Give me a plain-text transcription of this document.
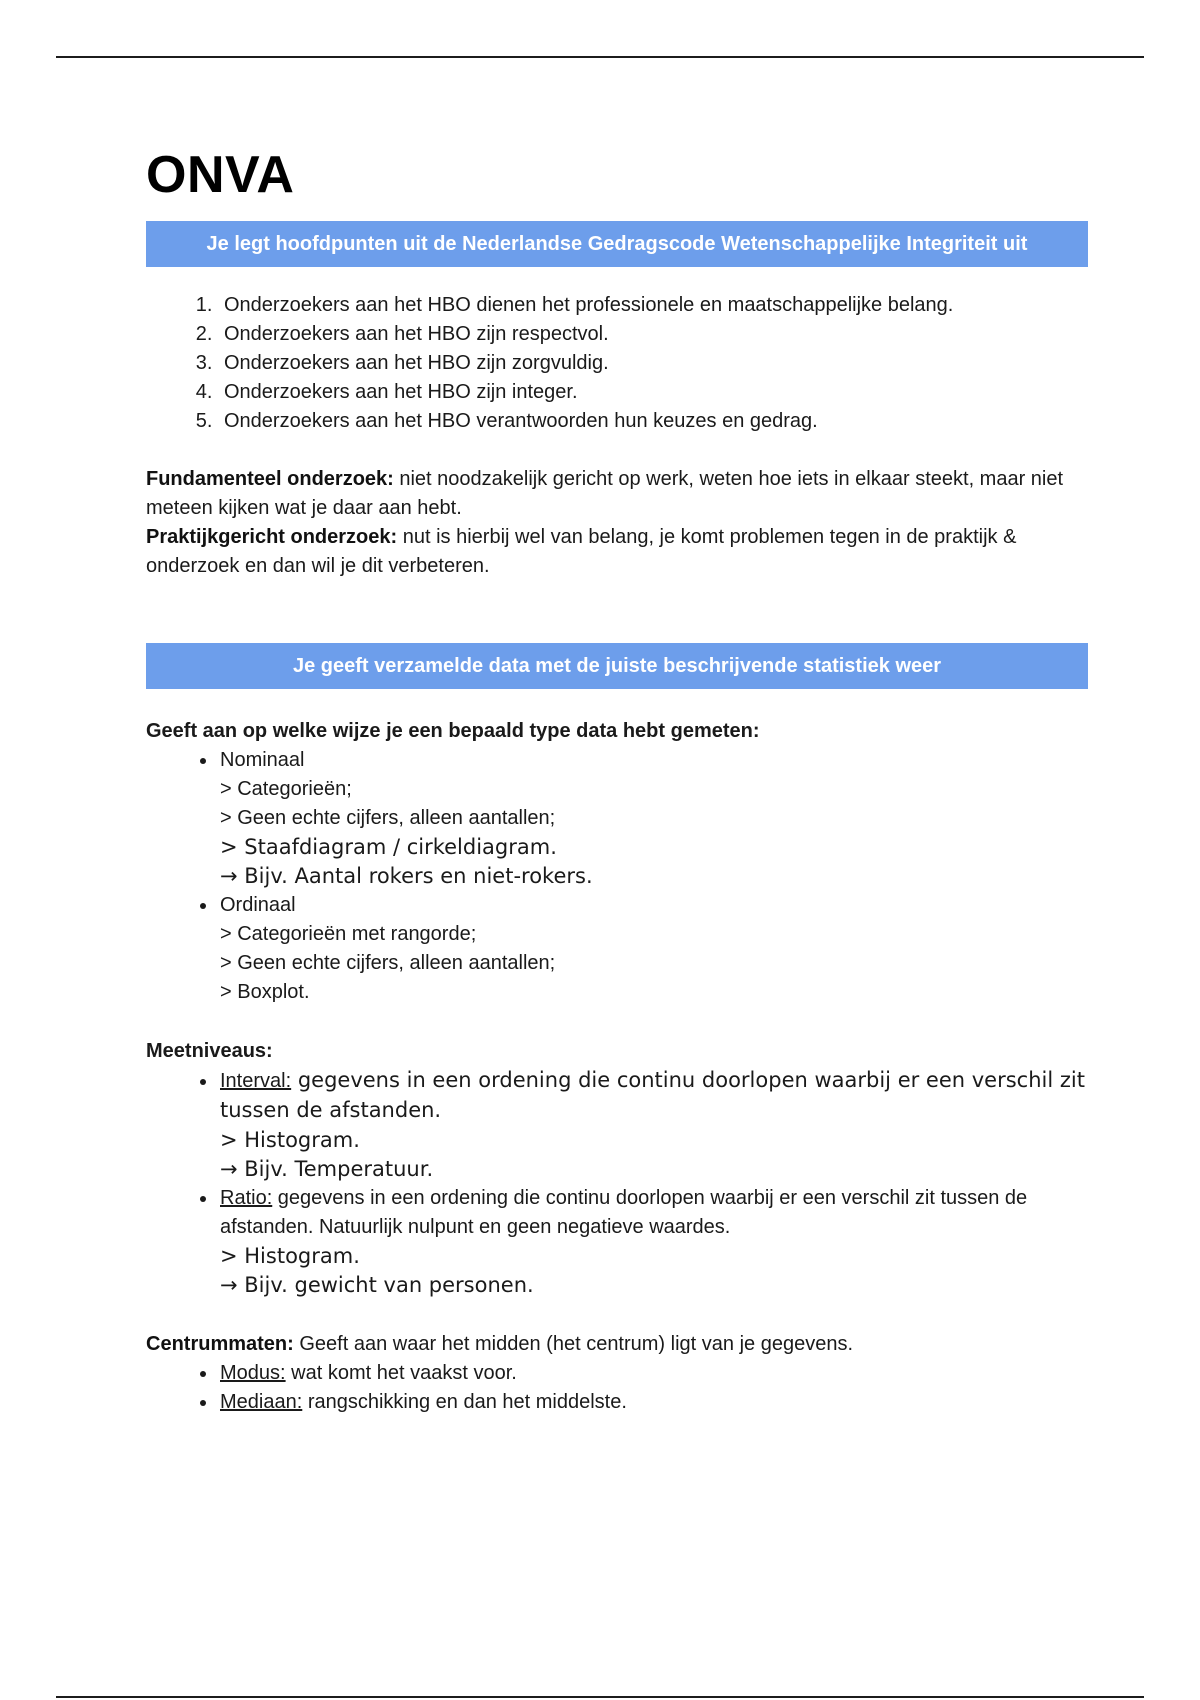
ONVA
Je legt hoofdpunten uit de Nederlandse Gedragscode Wetenschappelijke Integriteit uit
1. Onderzoekers aan het HBO dienen het professionele en maatschappelijke belang.
2. Onderzoekers aan het HBO zijn respectvol.
3. Onderzoekers aan het HBO zijn zorgvuldig.
4. Onderzoekers aan het HBO zijn integer.
5. Onderzoekers aan het HBO verantwoorden hun keuzes en gedrag.

Fundamenteel onderzoek: niet noodzakelijk gericht op werk, weten hoe iets in elkaar steekt, maar niet meteen kijken wat je daar aan hebt.

Praktijkgericht onderzoek: nut is hierbij wel van belang, je komt problemen tegen in de praktijk & onderzoek en dan wil je dit verbeteren.

Je geeft verzamelde data met de juiste beschrijvende statistiek weer
Geeft aan op welke wijze je een bepaald type data hebt gemeten:
• Nominaal
> Categorieën;
> Geen echte cijfers, alleen aantallen;
> Staafdiagram / cirkeldiagram.
→ Bijv. Aantal rokers en niet-rokers.
• Ordinaal
> Categorieën met rangorde;
> Geen echte cijfers, alleen aantallen;
> Boxplot.
Meetniveaus:
• Interval: gegevens in een ordening die continu doorlopen waarbij er een verschil zit tussen de afstanden.
> Histogram.
→ Bijv. Temperatuur.
• Ratio: gegevens in een ordening die continu doorlopen waarbij er een verschil zit tussen de afstanden. Natuurlijk nulpunt en geen negatieve waardes.
> Histogram.
→ Bijv. gewicht van personen.

Centrummaten: Geeft aan waar het midden (het centrum) ligt van je gegevens.

• Modus: wat komt het vaakst voor.
• Mediaan: rangschikking en dan het middelste.
